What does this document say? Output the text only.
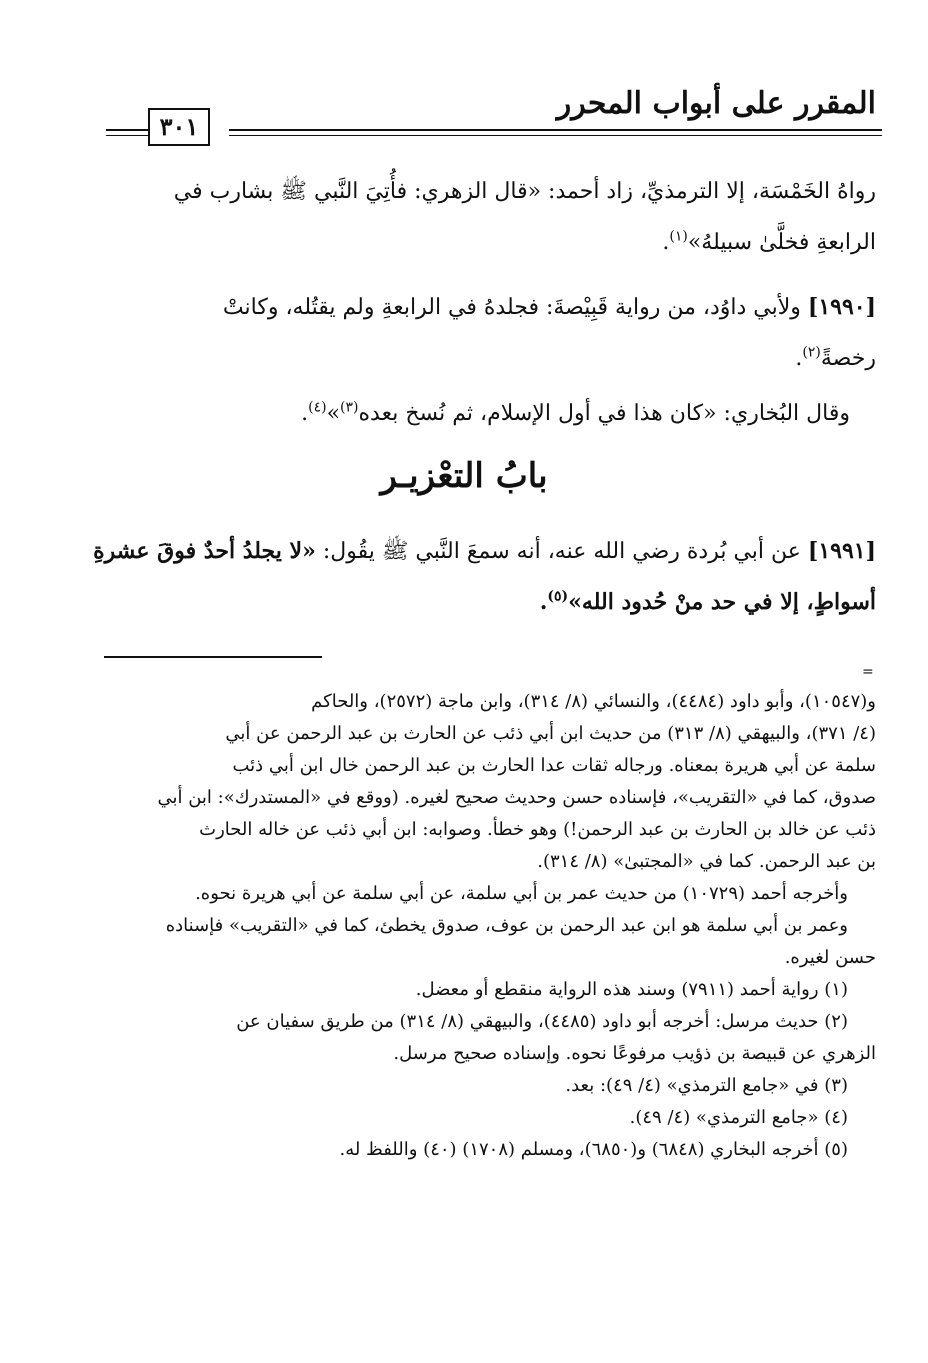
المقرر على أبواب المحرر
٣٠١
رواهُ الخَمْسَة، إلا الترمذيِّ، زاد أحمد: «قال الزهري: فأُتِيَ النَّبي ﷺ بشارب في
الرابعةِ فخلَّىٰ سبيلهُ»$^{(١)}$.
[١٩٩٠] ولأبي داوُد، من رواية قَبِيْصةَ: فجلدهُ في الرابعةِ ولم يقتُله، وكانتْ
رخصةً$^{(٢)}$.
وقال البُخاري: «كان هذا في أول الإسلام، ثم نُسخ بعده$^{(٣)}$»$^{(٤)}$.
بابُ التعْزيـر
[١٩٩١] عن أبي بُردة رضي الله عنه، أنه سمعَ النَّبي ﷺ يقُول: «لا يجلدُ أحدٌ فوقَ عشرةِ
أسواطٍ، إلا في حد منْ حُدود الله»$^{(٥)}$.
=
و(١٠٥٤٧)، وأبو داود (٤٤٨٤)، والنسائي (٨/ ٣١٤)، وابن ماجة (٢٥٧٢)، والحاكم
(٤/ ٣٧١)، والبيهقي (٨/ ٣١٣) من حديث ابن أبي ذئب عن الحارث بن عبد الرحمن عن أبي
سلمة عن أبي هريرة بمعناه. ورجاله ثقات عدا الحارث بن عبد الرحمن خال ابن أبي ذئب
صدوق، كما في «التقريب»، فإسناده حسن وحديث صحيح لغيره. (ووقع في «المستدرك»: ابن أبي
ذئب عن خالد بن الحارث بن عبد الرحمن!) وهو خطأ. وصوابه: ابن أبي ذئب عن خاله الحارث
بن عبد الرحمن. كما في «المجتبىٰ» (٨/ ٣١٤).
وأخرجه أحمد (١٠٧٢٩) من حديث عمر بن أبي سلمة، عن أبي سلمة عن أبي هريرة نحوه.
وعمر بن أبي سلمة هو ابن عبد الرحمن بن عوف، صدوق يخطئ، كما في «التقريب» فإسناده
حسن لغيره.
(١) رواية أحمد (٧٩١١) وسند هذه الرواية منقطع أو معضل.
(٢) حديث مرسل: أخرجه أبو داود (٤٤٨٥)، والبيهقي (٨/ ٣١٤) من طريق سفيان عن
الزهري عن قبيصة بن ذؤيب مرفوعًا نحوه. وإسناده صحيح مرسل.
(٣) في «جامع الترمذي» (٤/ ٤٩): بعد.
(٤) «جامع الترمذي» (٤/ ٤٩).
(٥) أخرجه البخاري (٦٨٤٨) و(٦٨٥٠)، ومسلم (١٧٠٨) (٤٠) واللفظ له.
